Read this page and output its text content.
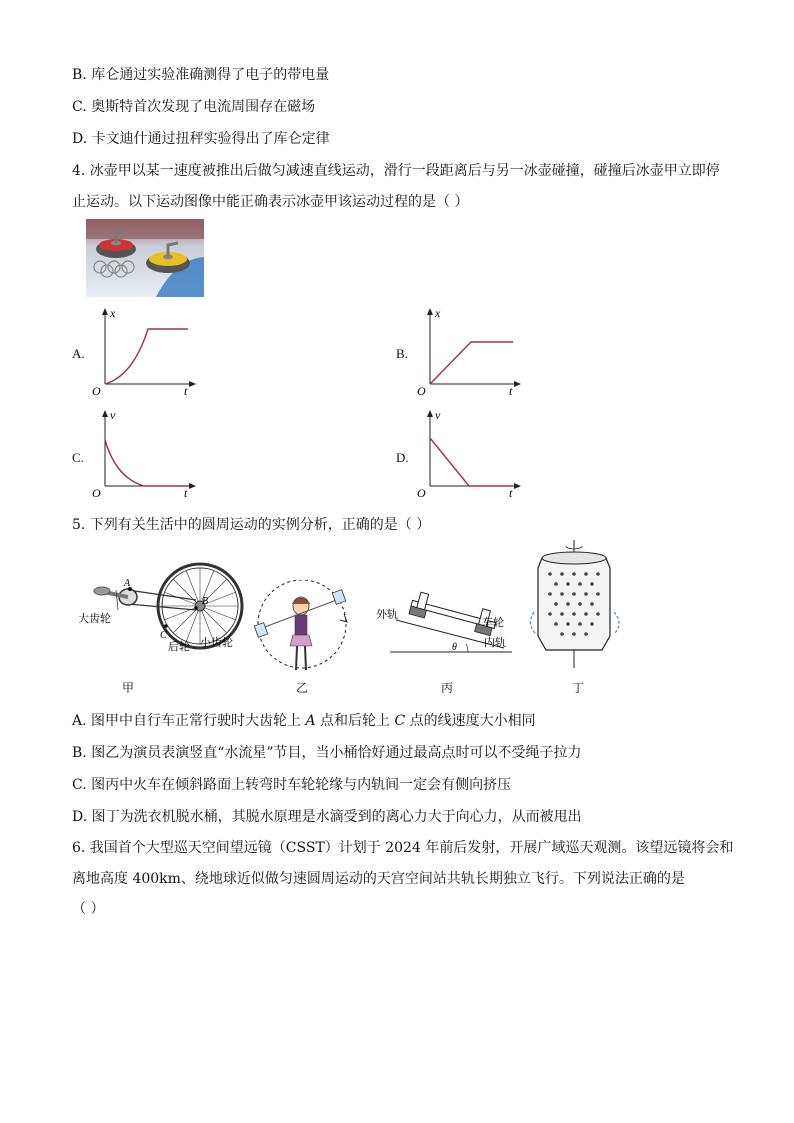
B. 库仑通过实验准确测得了电子的带电量
C. 奥斯特首次发现了电流周围存在磁场
D. 卡文迪什通过扭秤实验得出了库仑定律
4. 冰壶甲以某一速度被推出后做匀减速直线运动，滑行一段距离后与另一冰壶碰撞，碰撞后冰壶甲立即停
止运动。以下运动图像中能正确表示冰壶甲该运动过程的是（ ）
A.
x
O	t
B.
x
O	t
C.
v
O	t
D.
v
O	t
5. 下列有关生活中的圆周运动的实例分析，正确的是（ ）
A
B
C
大齿轮
后轮 小齿轮
甲	乙
外轨
车轮
内轨
θ
丙	丁
A. 图甲中自行车正常行驶时大齿轮上 A 点和后轮上 C 点的线速度大小相同
B. 图乙为演员表演竖直“水流星”节目，当小桶恰好通过最高点时可以不受绳子拉力
C. 图丙中火车在倾斜路面上转弯时车轮轮缘与内轨间一定会有侧向挤压
D. 图丁为洗衣机脱水桶，其脱水原理是水滴受到的离心力大于向心力，从而被甩出
6. 我国首个大型巡天空间望远镜（CSST）计划于 2024 年前后发射，开展广域巡天观测。该望远镜将会和
离地高度 400km、绕地球近似做匀速圆周运动的天宫空间站共轨长期独立飞行。下列说法正确的是
（ ）
